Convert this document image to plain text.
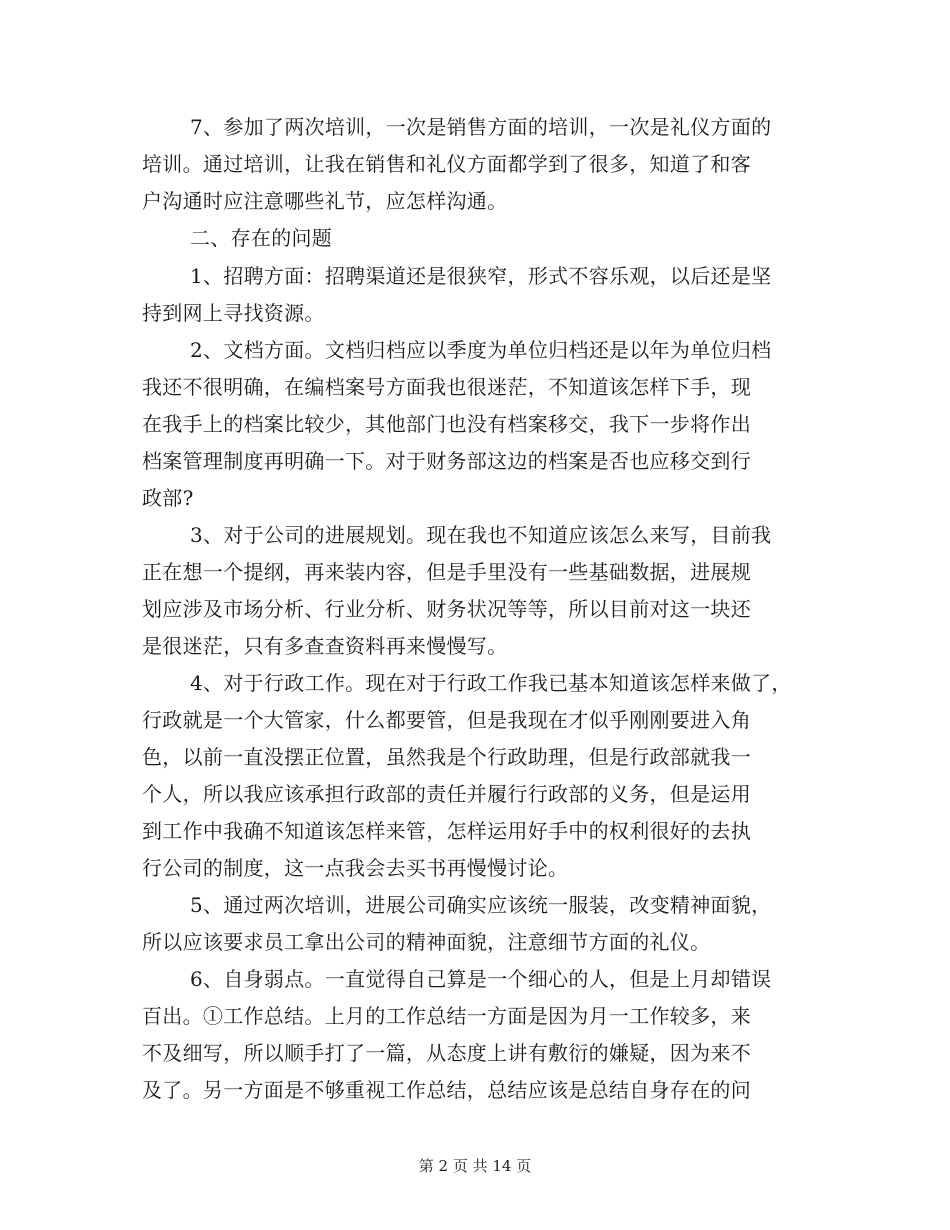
7、参加了两次培训，一次是销售方面的培训，一次是礼仪方面的
培训。通过培训，让我在销售和礼仪方面都学到了很多，知道了和客
户沟通时应注意哪些礼节，应怎样沟通。
二、存在的问题
1、招聘方面：招聘渠道还是很狭窄，形式不容乐观，以后还是坚
持到网上寻找资源。
2、文档方面。文档归档应以季度为单位归档还是以年为单位归档
我还不很明确，在编档案号方面我也很迷茫，不知道该怎样下手，现
在我手上的档案比较少，其他部门也没有档案移交，我下一步将作出
档案管理制度再明确一下。对于财务部这边的档案是否也应移交到行
政部?
3、对于公司的进展规划。现在我也不知道应该怎么来写，目前我
正在想一个提纲，再来装内容，但是手里没有一些基础数据，进展规
划应涉及市场分析、行业分析、财务状况等等，所以目前对这一块还
是很迷茫，只有多查查资料再来慢慢写。
4、对于行政工作。现在对于行政工作我已基本知道该怎样来做了，
行政就是一个大管家，什么都要管，但是我现在才似乎刚刚要进入角
色，以前一直没摆正位置，虽然我是个行政助理，但是行政部就我一
个人，所以我应该承担行政部的责任并履行行政部的义务，但是运用
到工作中我确不知道该怎样来管，怎样运用好手中的权利很好的去执
行公司的制度，这一点我会去买书再慢慢讨论。
5、通过两次培训，进展公司确实应该统一服装，改变精神面貌，
所以应该要求员工拿出公司的精神面貌，注意细节方面的礼仪。
6、自身弱点。一直觉得自己算是一个细心的人，但是上月却错误
百出。①工作总结。上月的工作总结一方面是因为月一工作较多，来
不及细写，所以顺手打了一篇，从态度上讲有敷衍的嫌疑，因为来不
及了。另一方面是不够重视工作总结，总结应该是总结自身存在的问
第 2 页 共 14 页
